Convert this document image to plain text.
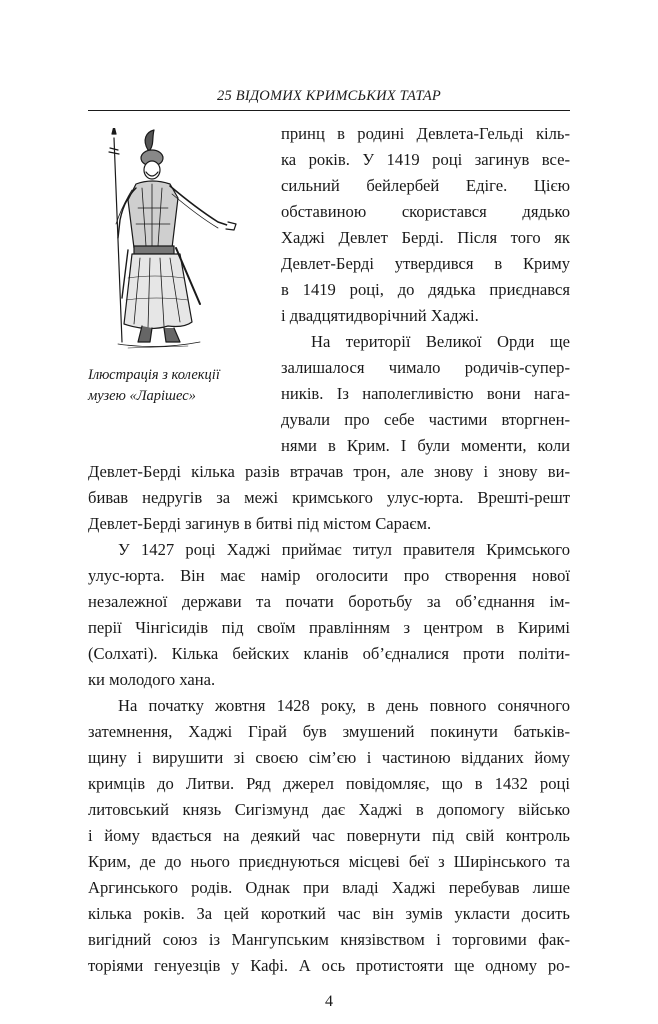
25 ВІДОМИХ КРИМСЬКИХ ТАТАР
Ілюстрація з колекції
музею «Ларішес»
принц в родині Девлета-Гельді кіль-
ка років. У 1419 році загинув все-
сильний бейлербей Едіге. Цією
обставиною скористався дядько
Хаджі Девлет Берді. Після того як
Девлет-Берді утвердився в Криму
в 1419 році, до дядька приєднався
і двадцятидворічний Хаджі.
На території Великої Орди ще
залишалося чимало родичів-супер-
ників. Із наполегливістю вони нага-
дували про себе частими вторгнен-
нями в Крим. І були моменти, коли
Девлет-Берді кілька разів втрачав трон, але знову і знову ви-
бивав недругів за межі кримського улус-юрта. Врешті-решт
Девлет-Берді загинув в битві під містом Сараєм.
У 1427 році Хаджі приймає титул правителя Кримського
улус-юрта. Він має намір оголосити про створення нової
незалежної держави та почати боротьбу за об’єднання ім-
перії Чінгісидів під своїм правлінням з центром в Киримі
(Солхаті). Кілька бейских кланів об’єдналися проти політи-
ки молодого хана.
На початку жовтня 1428 року, в день повного сонячного
затемнення, Хаджі Гірай був змушений покинути батьків-
щину і вирушити зі своєю сім’єю і частиною відданих йому
кримців до Литви. Ряд джерел повідомляє, що в 1432 році
литовський князь Сигізмунд дає Хаджі в допомогу військо
і йому вдається на деякий час повернути під свій контроль
Крим, де до нього приєднуються місцеві беї з Ширінського та
Аргинського родів. Однак при владі Хаджі перебував лише
кілька років. За цей короткий час він зумів укласти досить
вигідний союз із Мангупським князівством і торговими фак-
торіями генуезців у Кафі. А ось протистояти ще одному ро-
4
